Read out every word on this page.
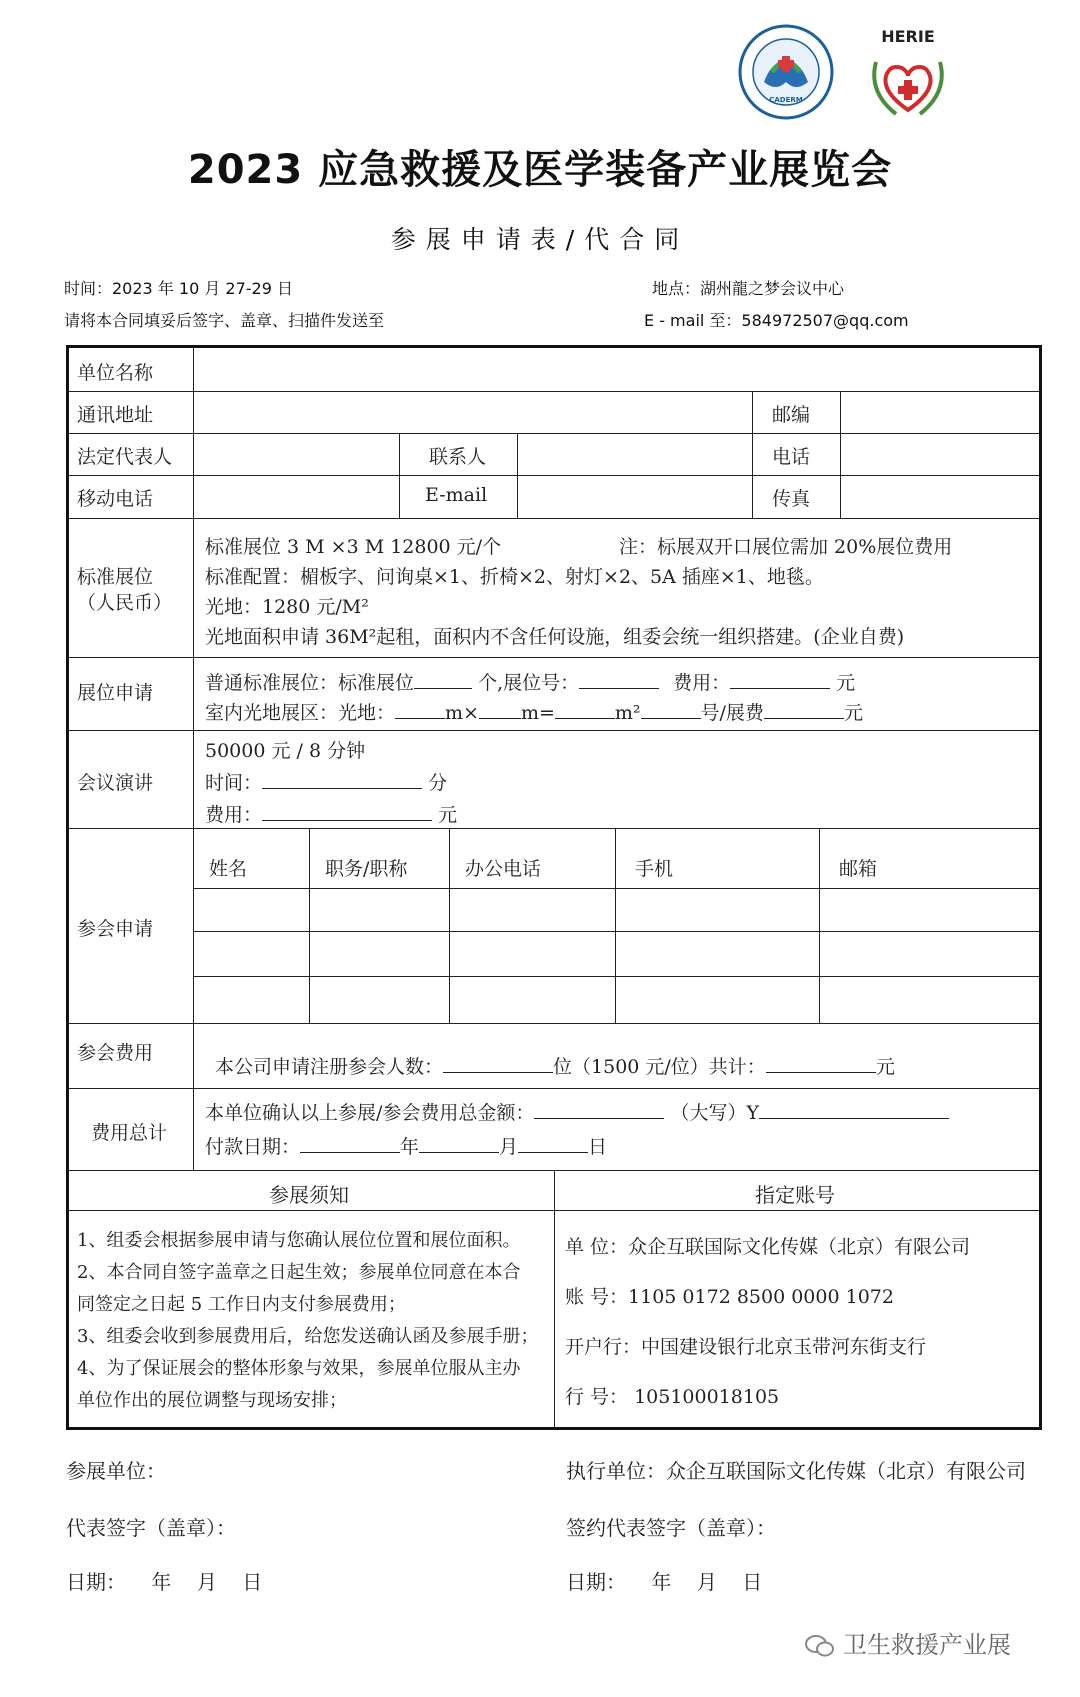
CADERM
HERIE
2023 应急救援及医学装备产业展览会
参展申请表/代合同
时间：2023 年 10 月 27-29 日	地点：湖州龍之梦会议中心
请将本合同填妥后签字、盖章、扫描件发送至	E - mail 至：584972507@qq.com
单位名称
通讯地址	邮编
法定代表人	联系人	电话
移动电话	E-mail	传真
标准展位
（人民币）
标准展位 3 M ×3 M 12800 元/个	注：标展双开口展位需加 20%展位费用
标准配置：楣板字、问询桌×1、折椅×2、射灯×2、5A 插座×1、地毯。
光地：1280 元/M²
光地面积申请 36M²起租，面积内不含任何设施，组委会统一组织搭建。(企业自费)
展位申请	普通标准展位：标准展位	个,展位号：	费用：	元
室内光地展区：光地：	m× m=	m²	号/展费	元
会议演讲
50000 元 / 8 分钟
时间：	分
费用：	元
参会申请
姓名	职务/职称	办公电话	手机	邮箱
参会费用
本公司申请注册参会人数：	位（1500 元/位）共计：	元
费用总计
本单位确认以上参展/参会费用总金额：	（大写）Y
付款日期：	年	月	日
参展须知	指定账号
1、组委会根据参展申请与您确认展位位置和展位面积。
2、本合同自签字盖章之日起生效；参展单位同意在本合
同签定之日起 5 工作日内支付参展费用；
3、组委会收到参展费用后，给您发送确认函及参展手册；
4、为了保证展会的整体形象与效果，参展单位服从主办
单位作出的展位调整与现场安排；
单 位：众企互联国际文化传媒（北京）有限公司
账 号：1105 0172 8500 0000 1072
开户行：中国建设银行北京玉带河东街支行
行 号： 105100018105
参展单位：	执行单位：众企互联国际文化传媒（北京）有限公司
代表签字（盖章）：	签约代表签字（盖章）：
日期：    年    月    日	日期：    年    月    日
卫生救援产业展
